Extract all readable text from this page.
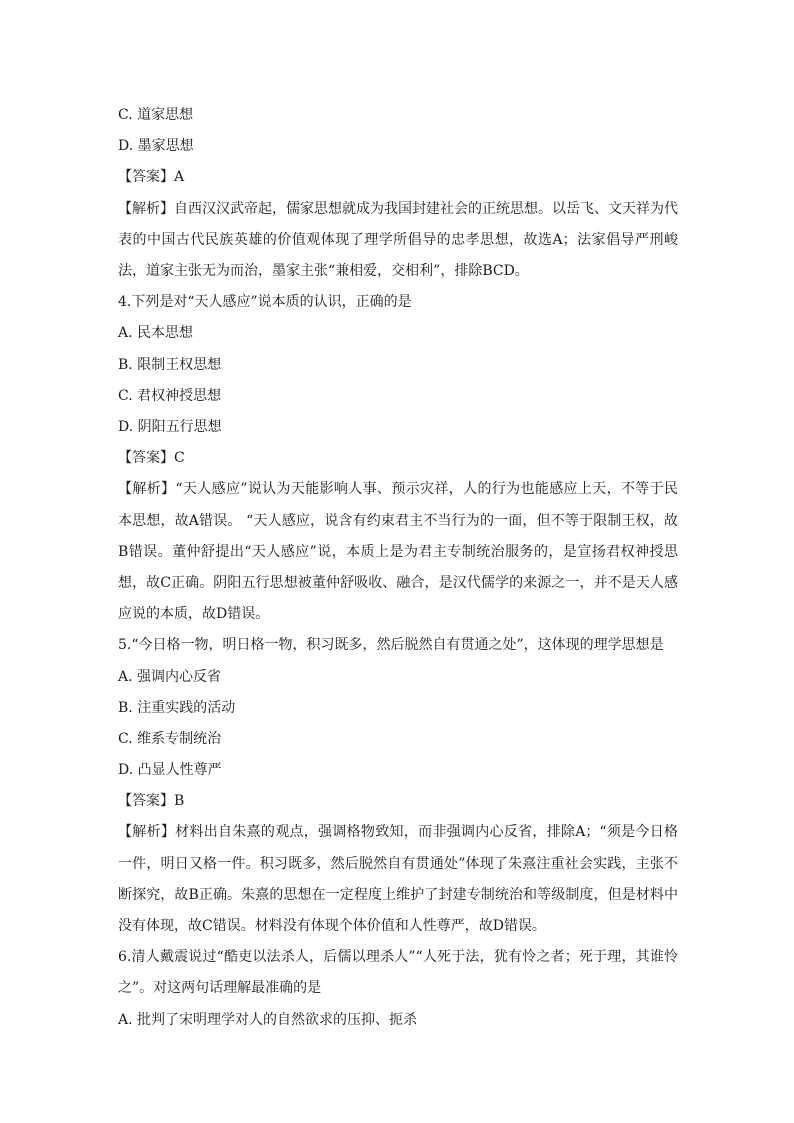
C. 道家思想
D. 墨家思想
【答案】A
【解析】自西汉汉武帝起，儒家思想就成为我国封建社会的正统思想。以岳飞、文天祥为代表的中国古代民族英雄的价值观体现了理学所倡导的忠孝思想，故选A；法家倡导严刑峻法，道家主张无为而治，墨家主张“兼相爱，交相利”，排除BCD。
4.下列是对“天人感应”说本质的认识，正确的是
A. 民本思想
B. 限制王权思想
C. 君权神授思想
D. 阴阳五行思想
【答案】C
【解析】“天人感应”说认为天能影响人事、预示灾祥，人的行为也能感应上天，不等于民本思想，故A错误。 “天人感应，说含有约束君主不当行为的一面，但不等于限制王权，故B错误。董仲舒提出“天人感应”说，本质上是为君主专制统治服务的，是宣扬君权神授思想，故C正确。阴阳五行思想被董仲舒吸收、融合，是汉代儒学的来源之一，并不是天人感应说的本质，故D错误。
5.“今日格一物，明日格一物，积习既多，然后脱然自有贯通之处”，这体现的理学思想是
A. 强调内心反省
B. 注重实践的活动
C. 维系专制统治
D. 凸显人性尊严
【答案】B
【解析】材料出自朱熹的观点，强调格物致知，而非强调内心反省，排除A；“须是今日格一件，明日又格一件。积习既多，然后脱然自有贯通处”体现了朱熹注重社会实践，主张不断探究，故B正确。朱熹的思想在一定程度上维护了封建专制统治和等级制度，但是材料中没有体现，故C错误。材料没有体现个体价值和人性尊严，故D错误。
6.清人戴震说过“酷吏以法杀人，后儒以理杀人”“人死于法，犹有怜之者；死于理，其谁怜之”。对这两句话理解最准确的是
A. 批判了宋明理学对人的自然欲求的压抑、扼杀
